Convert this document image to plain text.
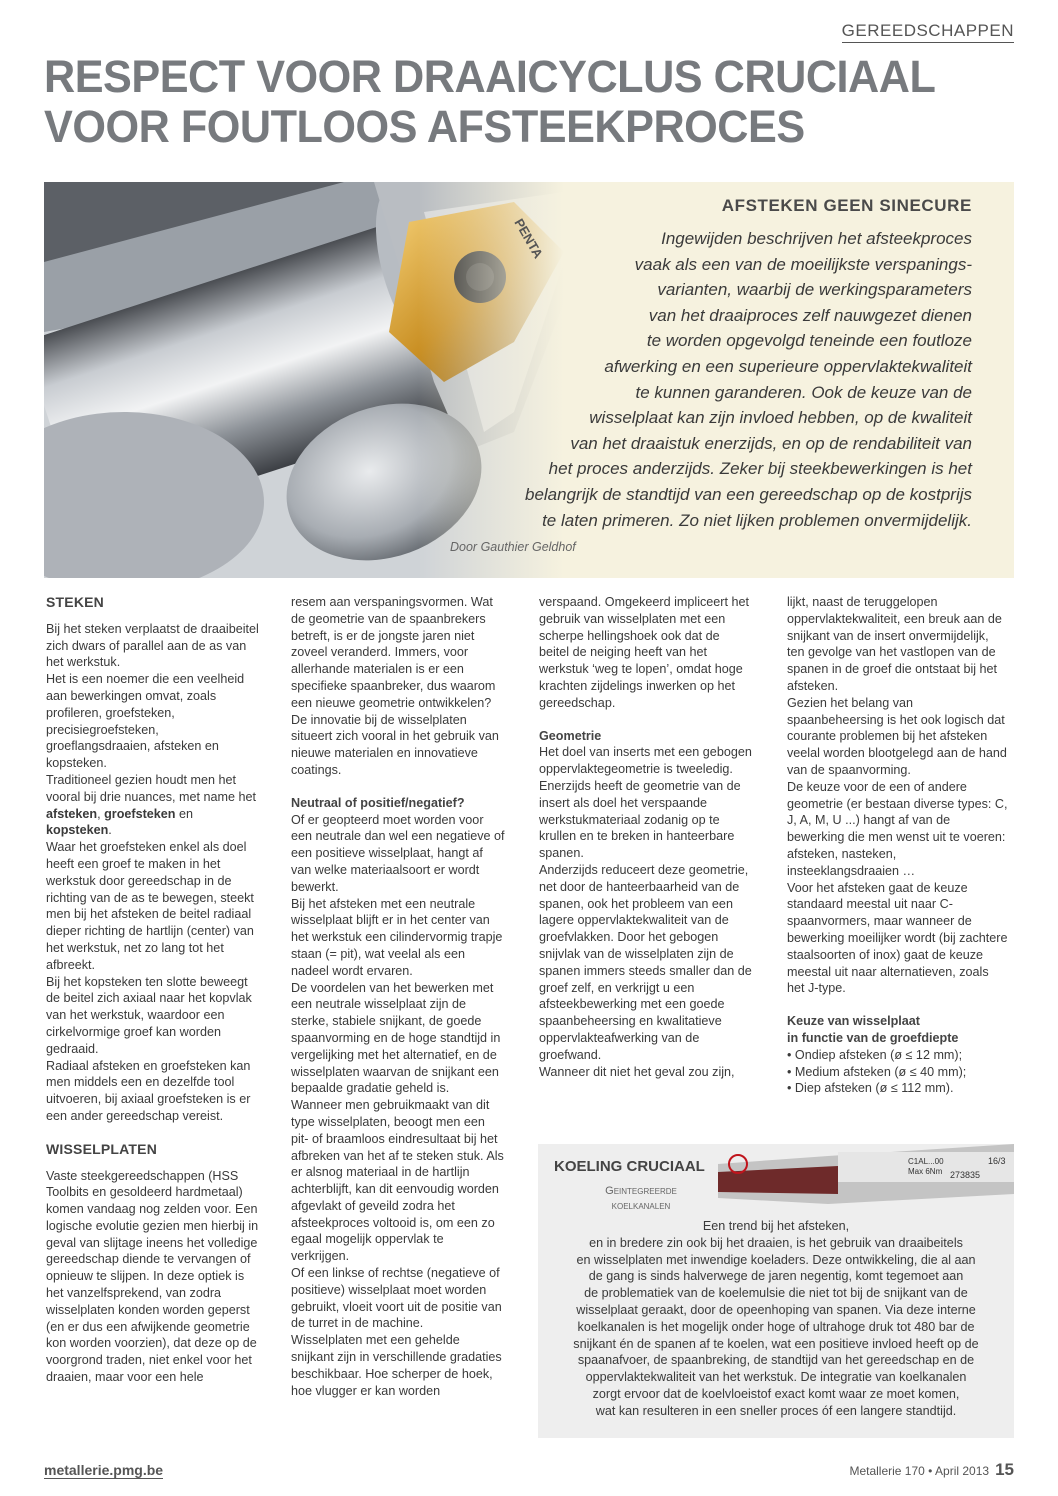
GEREEDSCHAPPEN
RESPECT VOOR DRAAICYCLUS CRUCIAAL
VOOR FOUTLOOS AFSTEEKPROCES
PENTA
AFSTEKEN GEEN SINECURE
Ingewijden beschrijven het afsteekproces
vaak als een van de moeilijkste verspanings-
varianten, waarbij de werkingsparameters
van het draaiproces zelf nauwgezet dienen
te worden opgevolgd teneinde een foutloze
afwerking en een superieure oppervlaktekwaliteit
te kunnen garanderen. Ook de keuze van de
wisselplaat kan zijn invloed hebben, op de kwaliteit
van het draaistuk enerzijds, en op de rendabiliteit van
het proces anderzijds. Zeker bij steekbewerkingen is het
belangrijk de standtijd van een gereedschap op de kostprijs
te laten primeren. Zo niet lijken problemen onvermijdelijk.
Door Gauthier Geldhof

STEKEN

Bij het steken verplaatst de draaibeitel zich dwars of parallel aan de as van het werkstuk.

Het is een noemer die een veelheid aan bewerkingen omvat, zoals profileren, groefsteken, precisiegroefsteken, groeflangsdraaien, afsteken en kopsteken.

Traditioneel gezien houdt men het vooral bij drie nuances, met name het afsteken, groefsteken en kopsteken.

Waar het groefsteken enkel als doel heeft een groef te maken in het werkstuk door gereedschap in de richting van de as te bewegen, steekt men bij het afsteken de beitel radiaal dieper richting de hartlijn (center) van het werkstuk, net zo lang tot het afbreekt.

Bij het kopsteken ten slotte beweegt de beitel zich axiaal naar het kopvlak van het werkstuk, waardoor een cirkelvormige groef kan worden gedraaid.

Radiaal afsteken en groefsteken kan men middels een en dezelfde tool uitvoeren, bij axiaal groefsteken is er een ander gereedschap vereist.

WISSELPLATEN

Vaste steekgereedschappen (HSS Toolbits en gesoldeerd hardmetaal) komen vandaag nog zelden voor. Een logische evolutie gezien men hierbij in geval van slijtage ineens het volledige gereedschap diende te vervangen of opnieuw te slijpen. In deze optiek is het vanzelfsprekend, van zodra wisselplaten konden worden geperst (en er dus een afwijkende geometrie kon worden voorzien), dat deze op de voorgrond traden, niet enkel voor het draaien, maar voor een hele

resem aan verspaningsvormen. Wat de geometrie van de spaanbrekers betreft, is er de jongste jaren niet zoveel veranderd. Immers, voor allerhande materialen is er een specifieke spaanbreker, dus waarom een nieuwe geometrie ontwikkelen? De innovatie bij de wisselplaten situeert zich vooral in het gebruik van nieuwe materialen en innovatieve coatings.

Neutraal of positief/negatief?

Of er geopteerd moet worden voor een neutrale dan wel een negatieve of een positieve wisselplaat, hangt af van welke materiaalsoort er wordt bewerkt.

Bij het afsteken met een neutrale wisselplaat blijft er in het center van het werkstuk een cilindervormig trapje staan (= pit), wat veelal als een nadeel wordt ervaren.

De voordelen van het bewerken met een neutrale wisselplaat zijn de sterke, stabiele snijkant, de goede spaanvorming en de hoge standtijd in vergelijking met het alternatief, en de wisselplaten waarvan de snijkant een bepaalde gradatie geheld is.

Wanneer men gebruikmaakt van dit type wisselplaten, beoogt men een pit- of braamloos eindresultaat bij het afbreken van het af te steken stuk. Als er alsnog materiaal in de hartlijn achterblijft, kan dit eenvoudig worden afgevlakt of geveild zodra het afsteekproces voltooid is, om een zo egaal mogelijk oppervlak te verkrijgen.

Of een linkse of rechtse (negatieve of positieve) wisselplaat moet worden gebruikt, vloeit voort uit de positie van de turret in de machine.

Wisselplaten met een gehelde snijkant zijn in verschillende gradaties beschikbaar. Hoe scherper de hoek, hoe vlugger er kan worden

verspaand. Omgekeerd impliceert het gebruik van wisselplaten met een scherpe hellingshoek ook dat de beitel de neiging heeft van het werkstuk ‘weg te lopen’, omdat hoge krachten zijdelings inwerken op het gereedschap.

Geometrie

Het doel van inserts met een gebogen oppervlaktegeometrie is tweeledig.

Enerzijds heeft de geometrie van de insert als doel het verspaande werkstukmateriaal zodanig op te krullen en te breken in hanteerbare spanen.

Anderzijds reduceert deze geometrie, net door de hanteerbaarheid van de spanen, ook het probleem van een lagere oppervlaktekwaliteit van de groefvlakken. Door het gebogen snijvlak van de wisselplaten zijn de spanen immers steeds smaller dan de groef zelf, en verkrijgt u een afsteekbewerking met een goede spaanbeheersing en kwalitatieve oppervlakteafwerking van de groefwand.

Wanneer dit niet het geval zou zijn,

lijkt, naast de teruggelopen oppervlaktekwaliteit, een breuk aan de snijkant van de insert onvermijdelijk, ten gevolge van het vastlopen van de spanen in de groef die ontstaat bij het afsteken.

Gezien het belang van spaanbeheersing is het ook logisch dat courante problemen bij het afsteken veelal worden blootgelegd aan de hand van de spaanvorming.

De keuze voor de een of andere geometrie (er bestaan diverse types: C, J, A, M, U ...) hangt af van de bewerking die men wenst uit te voeren: afsteken, nasteken, insteeklangsdraaien …

Voor het afsteken gaat de keuze standaard meestal uit naar C-spaanvormers, maar wanneer de bewerking moeilijker wordt (bij zachtere staalsoorten of inox) gaat de keuze meestal uit naar alternatieven, zoals het J-type.

Keuze van wisselplaat

in functie van de groefdiepte

• Ondiep afsteken (ø ≤ 12 mm);
• Medium afsteken (ø ≤ 40 mm);
• Diep afsteken (ø ≤ 112 mm).
C1AL...00
Max 6Nm 273835
16/3
KOELING CRUCIAAL
Geintegreerde
koelkanalen
Een trend bij het afsteken,
en in bredere zin ook bij het draaien, is het gebruik van draaibeitels
en wisselplaten met inwendige koeladers. Deze ontwikkeling, die al aan
de gang is sinds halverwege de jaren negentig, komt tegemoet aan
de problematiek van de koelemulsie die niet tot bij de snijkant van de
wisselplaat geraakt, door de opeenhoping van spanen. Via deze interne
koelkanalen is het mogelijk onder hoge of ultrahoge druk tot 480 bar de
snijkant én de spanen af te koelen, wat een positieve invloed heeft op de
spaanafvoer, de spaanbreking, de standtijd van het gereedschap en de
oppervlaktekwaliteit van het werkstuk. De integratie van koelkanalen
zorgt ervoor dat de koelvloeistof exact komt waar ze moet komen,
wat kan resulteren in een sneller proces óf een langere standtijd.
metallerie.pmg.be	Metallerie 170 • April 2013 15
